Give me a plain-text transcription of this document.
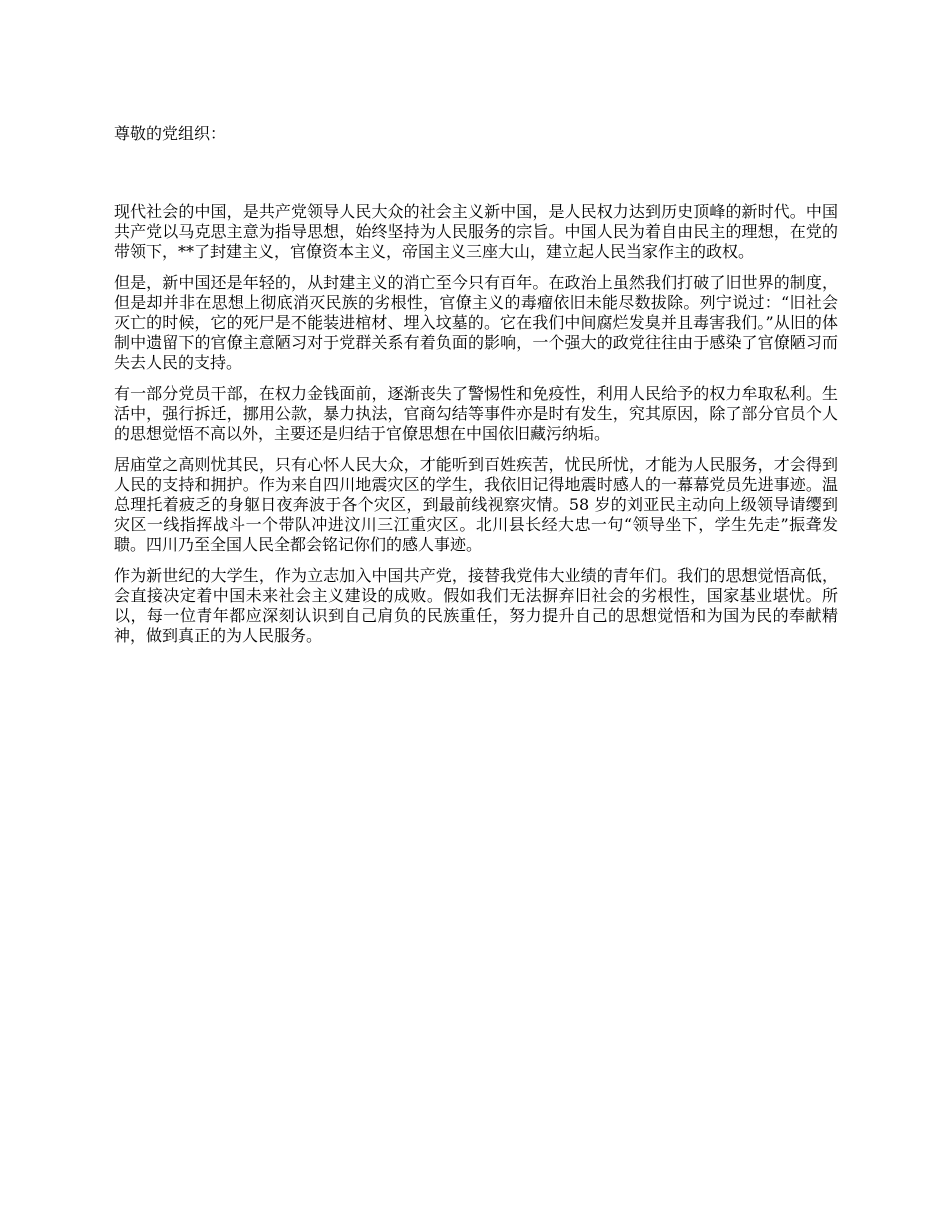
尊敬的党组织：

现代社会的中国，是共产党领导人民大众的社会主义新中国，是人民权力达到历史顶峰的新时代。中国共产党以马克思主意为指导思想，始终坚持为人民服务的宗旨。中国人民为着自由民主的理想，在党的带领下，**了封建主义，官僚资本主义，帝国主义三座大山，建立起人民当家作主的政权。

但是，新中国还是年轻的，从封建主义的消亡至今只有百年。在政治上虽然我们打破了旧世界的制度，但是却并非在思想上彻底消灭民族的劣根性，官僚主义的毒瘤依旧未能尽数拔除。列宁说过：“旧社会灭亡的时候，它的死尸是不能装进棺材、埋入坟墓的。它在我们中间腐烂发臭并且毒害我们。”从旧的体制中遗留下的官僚主意陋习对于党群关系有着负面的影响，一个强大的政党往往由于感染了官僚陋习而失去人民的支持。

有一部分党员干部，在权力金钱面前，逐渐丧失了警惕性和免疫性，利用人民给予的权力牟取私利。生活中，强行拆迁，挪用公款，暴力执法，官商勾结等事件亦是时有发生，究其原因，除了部分官员个人的思想觉悟不高以外，主要还是归结于官僚思想在中国依旧藏污纳垢。

居庙堂之高则忧其民，只有心怀人民大众，才能听到百姓疾苦，忧民所忧，才能为人民服务，才会得到人民的支持和拥护。作为来自四川地震灾区的学生，我依旧记得地震时感人的一幕幕党员先进事迹。温总理托着疲乏的身躯日夜奔波于各个灾区，到最前线视察灾情。58 岁的刘亚民主动向上级领导请缨到灾区一线指挥战斗一个带队冲进汶川三江重灾区。北川县长经大忠一句“领导坐下，学生先走”振聋发聩。四川乃至全国人民全都会铭记你们的感人事迹。

作为新世纪的大学生，作为立志加入中国共产党，接替我党伟大业绩的青年们。我们的思想觉悟高低，会直接决定着中国未来社会主义建设的成败。假如我们无法摒弃旧社会的劣根性，国家基业堪忧。所以，每一位青年都应深刻认识到自己肩负的民族重任，努力提升自己的思想觉悟和为国为民的奉献精神，做到真正的为人民服务。
